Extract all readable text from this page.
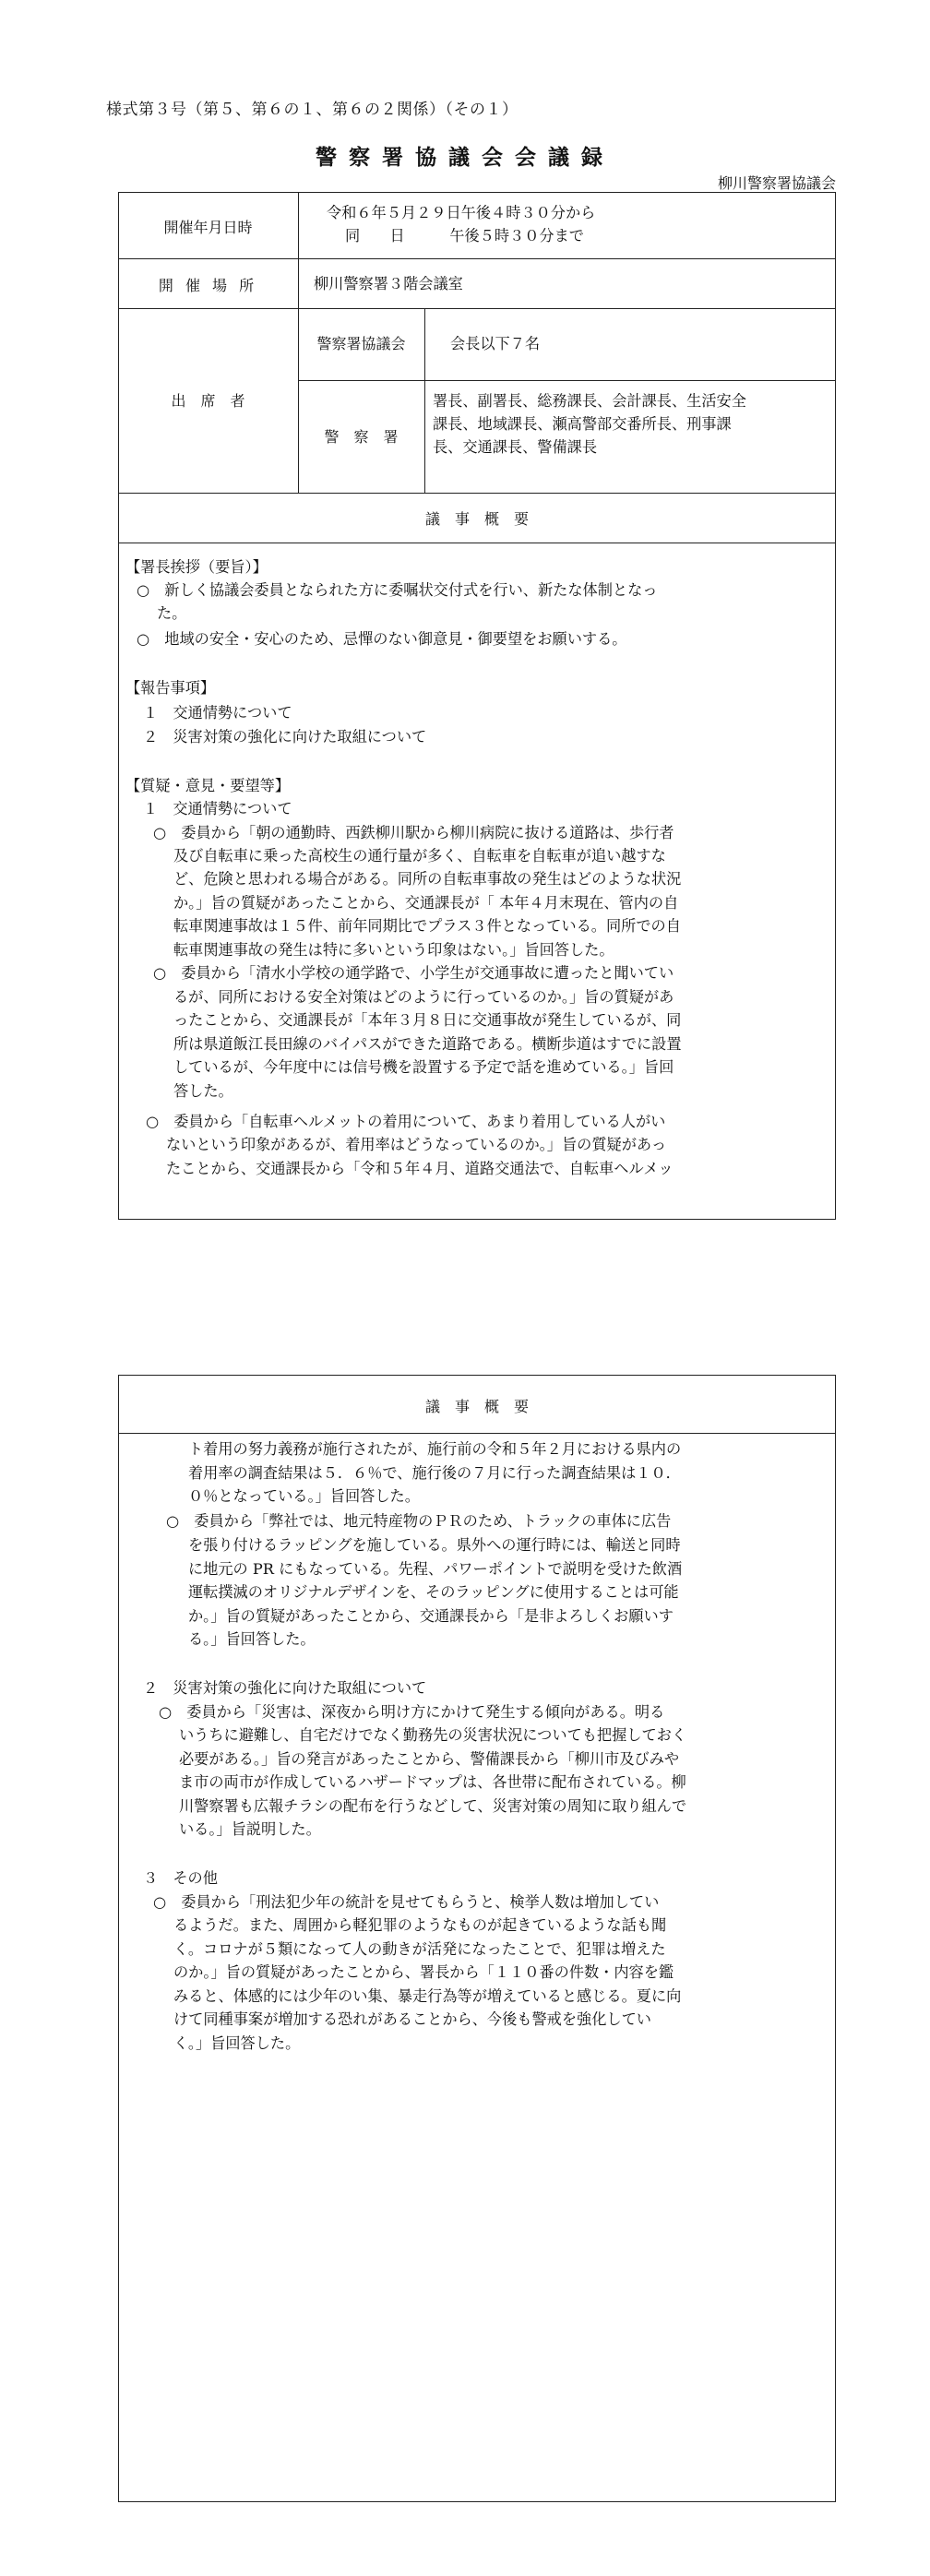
様式第３号（第５、第６の１、第６の２関係）（その１）
警察署協議会会議録
柳川警察署協議会
開催年月日時
令和６年５月２９日午後４時３０分から
同　　日　　　午後５時３０分まで
開 催 場 所	柳川警察署３階会議室
出　席　者
警察署協議会	会長以下７名
警　察　署
署長、副署長、総務課長、会計課長、生活安全
課長、地域課長、瀬高警部交番所長、刑事課
長、交通課長、警備課長
議　事　概　要
【署長挨拶（要旨）】
○　新しく協議会委員となられた方に委嘱状交付式を行い、新たな体制となっ
た。
○　地域の安全・安心のため、忌憚のない御意見・御要望をお願いする。
【報告事項】
１　交通情勢について
２　災害対策の強化に向けた取組について
【質疑・意見・要望等】
１　交通情勢について
○　委員から「朝の通勤時、西鉄柳川駅から柳川病院に抜ける道路は、歩行者
及び自転車に乗った高校生の通行量が多く、自転車を自転車が追い越すな
ど、危険と思われる場合がある。同所の自転車事故の発生はどのような状況
か。」旨の質疑があったことから、交通課長が「 本年４月末現在、管内の自
転車関連事故は１５件、前年同期比でプラス３件となっている。同所での自
転車関連事故の発生は特に多いという印象はない。」旨回答した。
○　委員から「清水小学校の通学路で、小学生が交通事故に遭ったと聞いてい
るが、同所における安全対策はどのように行っているのか。」旨の質疑があ
ったことから、交通課長が「本年３月８日に交通事故が発生しているが、同
所は県道飯江長田線のバイパスができた道路である。横断歩道はすでに設置
しているが、今年度中には信号機を設置する予定で話を進めている。」旨回
答した。
○　委員から「自転車ヘルメットの着用について、あまり着用している人がい
ないという印象があるが、着用率はどうなっているのか。」旨の質疑があっ
たことから、交通課長から「令和５年４月、道路交通法で、自転車ヘルメッ
議　事　概　要
ト着用の努力義務が施行されたが、施行前の令和５年２月における県内の
着用率の調査結果は５．６％で、施行後の７月に行った調査結果は１０．
０％となっている。」旨回答した。
○　委員から「弊社では、地元特産物のＰＲのため、トラックの車体に広告
を張り付けるラッピングを施している。県外への運行時には、輸送と同時
に地元の PR にもなっている。先程、パワーポイントで説明を受けた飲酒
運転撲滅のオリジナルデザインを、そのラッピングに使用することは可能
か。」旨の質疑があったことから、交通課長から「是非よろしくお願いす
る。」旨回答した。
２　災害対策の強化に向けた取組について
○　委員から「災害は、深夜から明け方にかけて発生する傾向がある。明る
いうちに避難し、自宅だけでなく勤務先の災害状況についても把握しておく
必要がある。」旨の発言があったことから、警備課長から「柳川市及びみや
ま市の両市が作成しているハザードマップは、各世帯に配布されている。柳
川警察署も広報チラシの配布を行うなどして、災害対策の周知に取り組んで
いる。」旨説明した。
３　その他
○　委員から「刑法犯少年の統計を見せてもらうと、検挙人数は増加してい
るようだ。また、周囲から軽犯罪のようなものが起きているような話も聞
く。コロナが５類になって人の動きが活発になったことで、犯罪は増えた
のか。」旨の質疑があったことから、署長から「１１０番の件数・内容を鑑
みると、体感的には少年のい集、暴走行為等が増えていると感じる。夏に向
けて同種事案が増加する恐れがあることから、今後も警戒を強化してい
く。」旨回答した。
